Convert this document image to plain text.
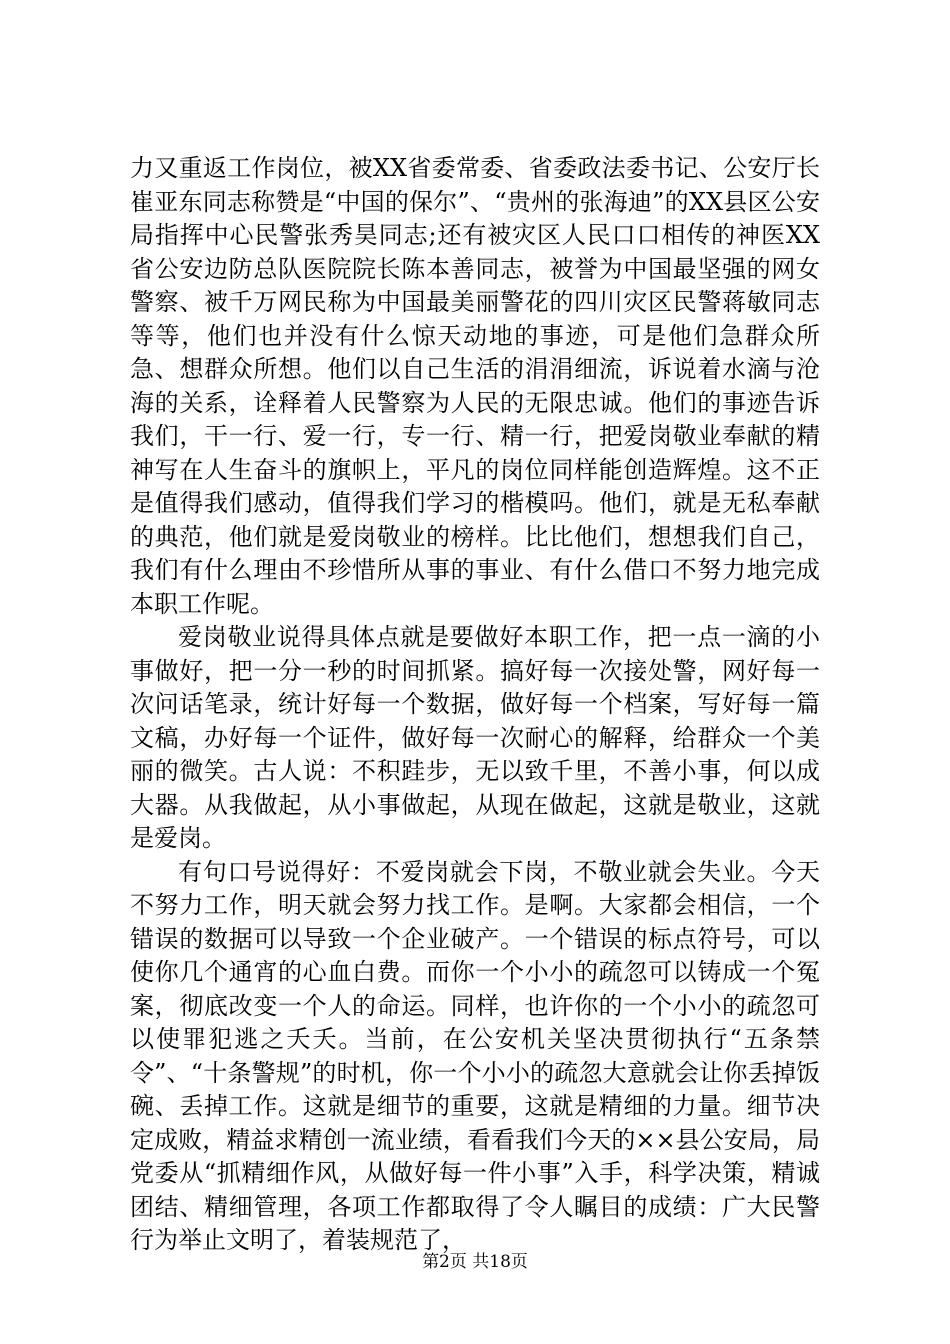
力又重返工作岗位，被XX省委常委、省委政法委书记、公安厅长崔亚东同志称赞是“中国的保尔”、“贵州的张海迪”的XX县区公安局指挥中心民警张秀昊同志;还有被灾区人民口口相传的神医XX省公安边防总队医院院长陈本善同志，被誉为中国最坚强的网女警察、被千万网民称为中国最美丽警花的四川灾区民警蒋敏同志等等，他们也并没有什么惊天动地的事迹，可是他们急群众所急、想群众所想。他们以自己生活的涓涓细流，诉说着水滴与沧海的关系，诠释着人民警察为人民的无限忠诚。他们的事迹告诉我们，干一行、爱一行，专一行、精一行，把爱岗敬业奉献的精神写在人生奋斗的旗帜上，平凡的岗位同样能创造辉煌。这不正是值得我们感动，值得我们学习的楷模吗。他们，就是无私奉献的典范，他们就是爱岗敬业的榜样。比比他们，想想我们自己，我们有什么理由不珍惜所从事的事业、有什么借口不努力地完成本职工作呢。

爱岗敬业说得具体点就是要做好本职工作，把一点一滴的小事做好，把一分一秒的时间抓紧。搞好每一次接处警，网好每一次问话笔录，统计好每一个数据，做好每一个档案，写好每一篇文稿，办好每一个证件，做好每一次耐心的解释，给群众一个美丽的微笑。古人说：不积跬步，无以致千里，不善小事，何以成大器。从我做起，从小事做起，从现在做起，这就是敬业，这就是爱岗。

有句口号说得好：不爱岗就会下岗，不敬业就会失业。今天不努力工作，明天就会努力找工作。是啊。大家都会相信，一个错误的数据可以导致一个企业破产。一个错误的标点符号，可以使你几个通宵的心血白费。而你一个小小的疏忽可以铸成一个冤案，彻底改变一个人的命运。同样，也许你的一个小小的疏忽可以使罪犯逃之夭夭。当前，在公安机关坚决贯彻执行“五条禁令”、“十条警规”的时机，你一个小小的疏忽大意就会让你丢掉饭碗、丢掉工作。这就是细节的重要，这就是精细的力量。细节决定成败，精益求精创一流业绩，看看我们今天的××县公安局，局党委从“抓精细作风，从做好每一件小事”入手，科学决策，精诚团结、精细管理，各项工作都取得了令人瞩目的成绩：广大民警行为举止文明了，着装规范了，

第2页 共18页
